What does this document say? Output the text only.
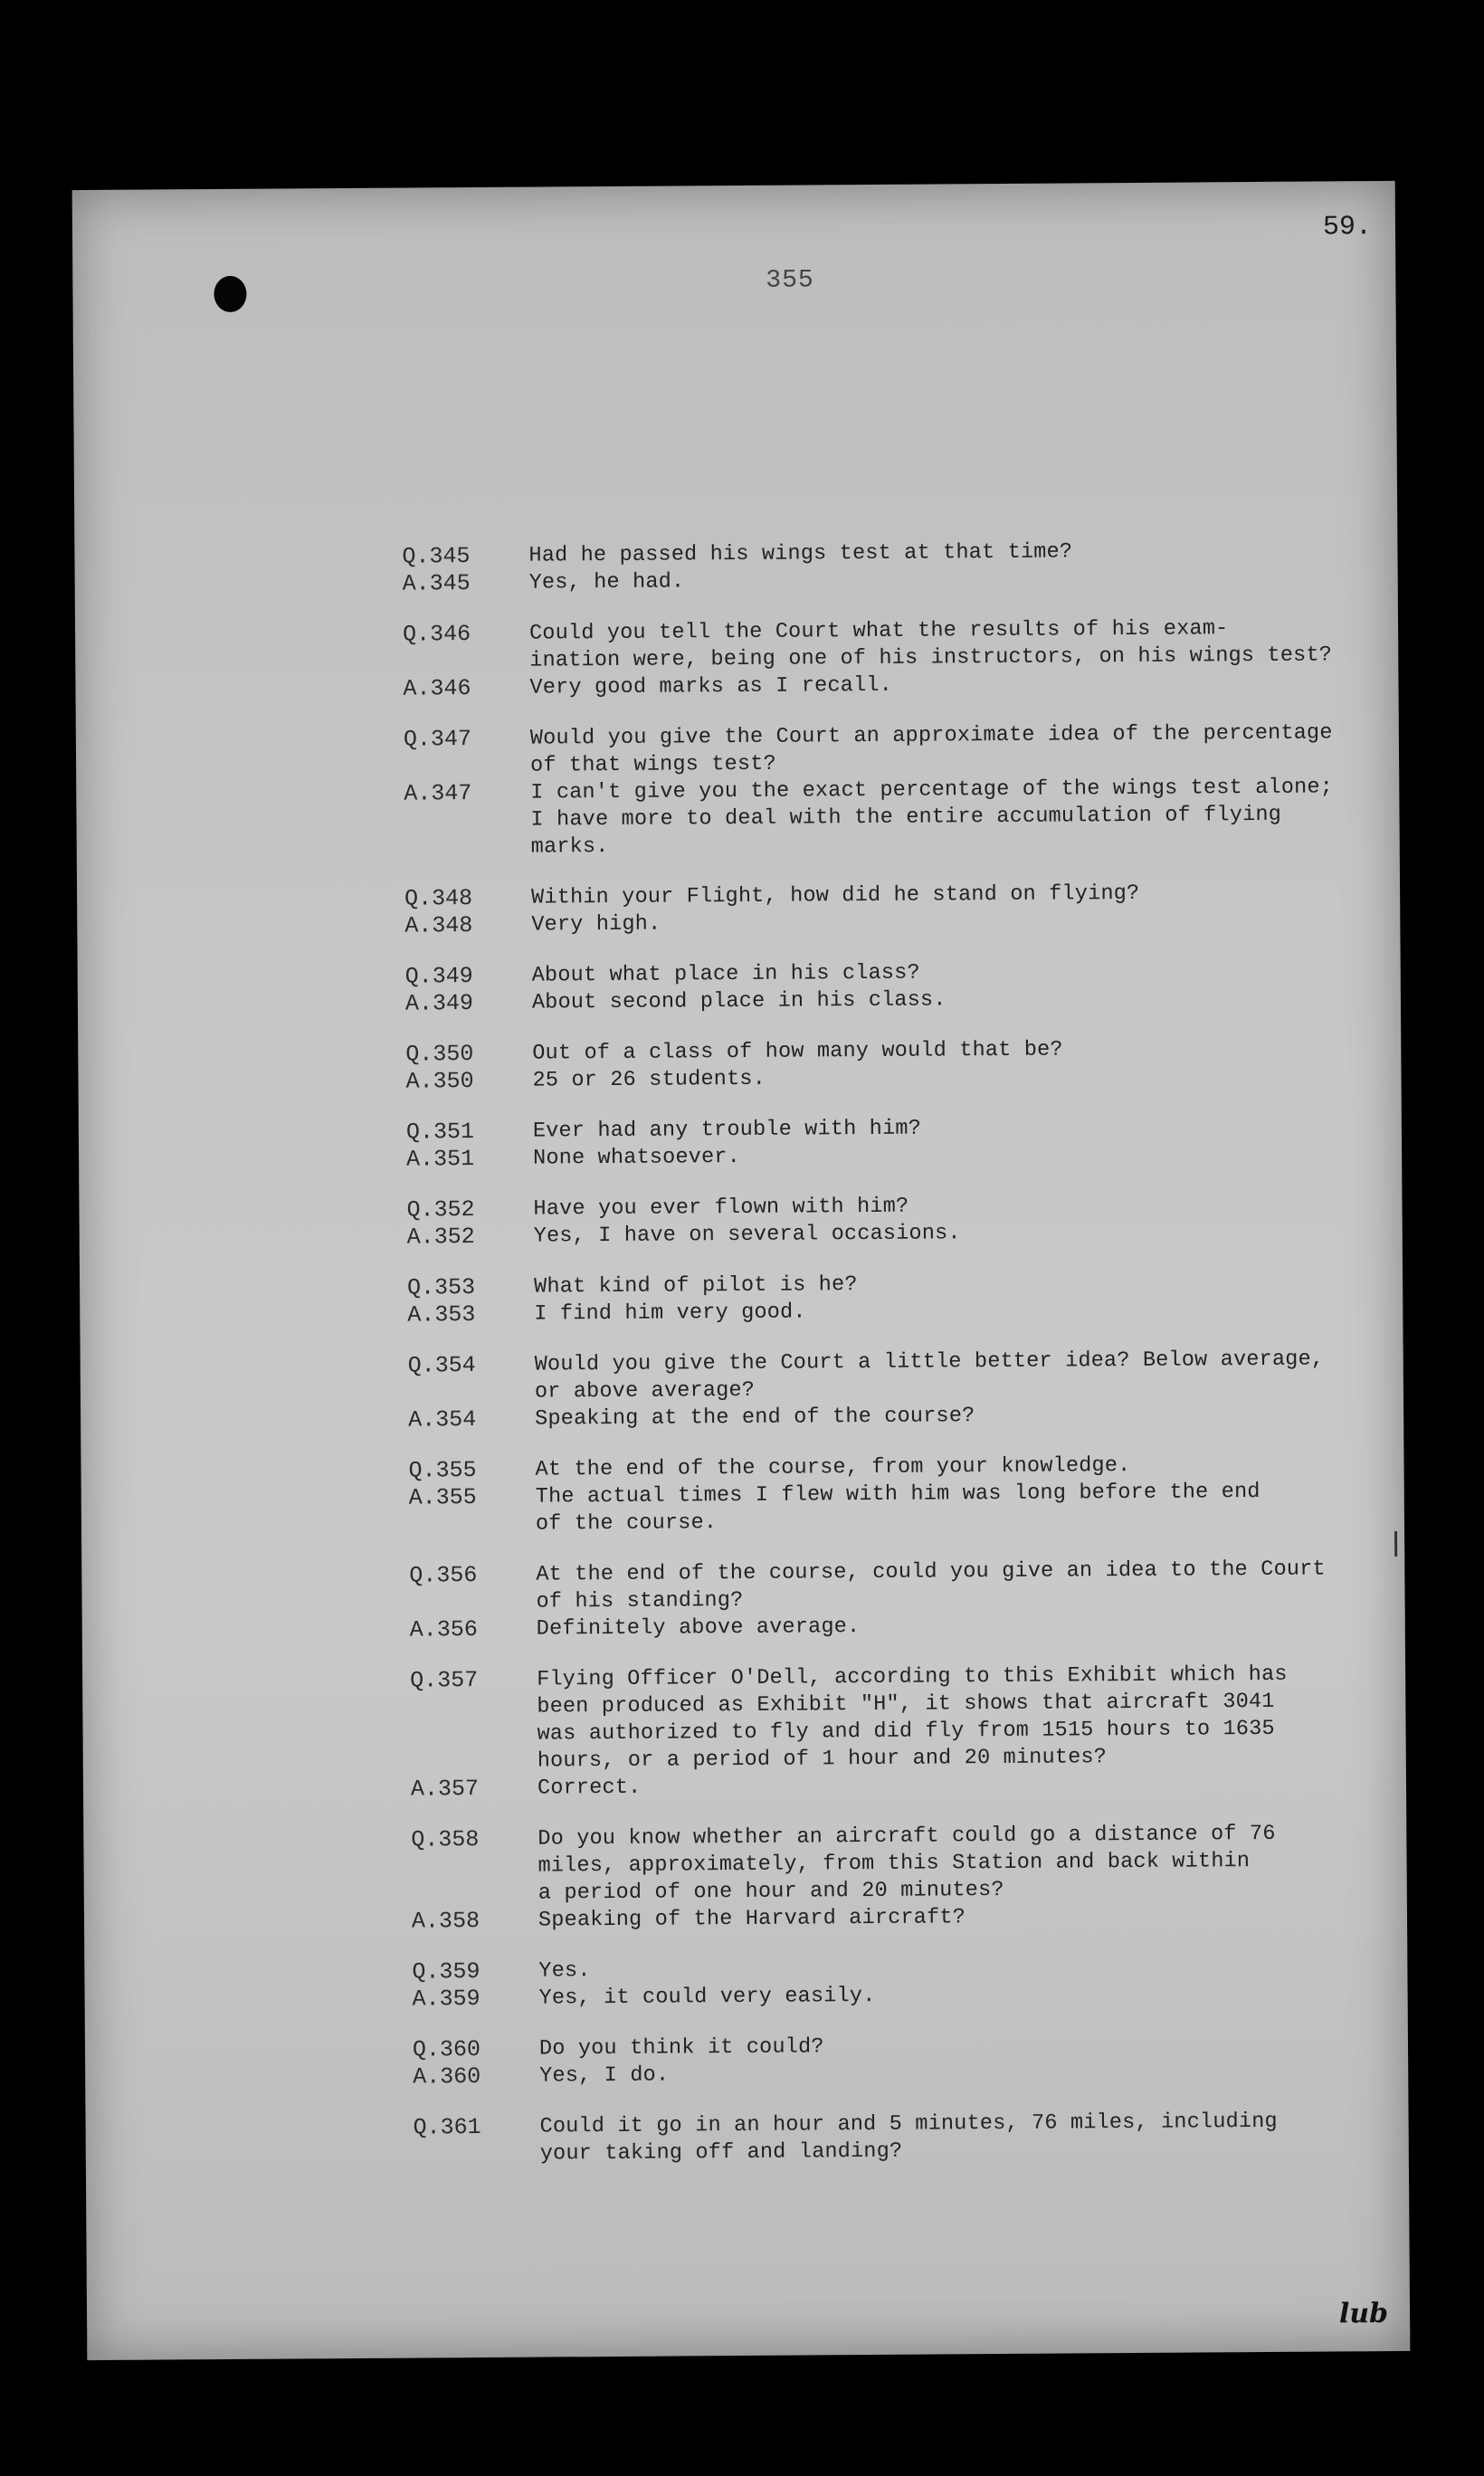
355
59.
Q.345	Had he passed his wings test at that time?
A.345	Yes, he had.
Q.346	Could you tell the Court what the results of his exam-
ination were, being one of his instructors, on his wings test?
A.346	Very good marks as I recall.
Q.347	Would you give the Court an approximate idea of the percentage
of that wings test?
A.347	I can't give you the exact percentage of the wings test alone;
I have more to deal with the entire accumulation of flying
marks.
Q.348	Within your Flight, how did he stand on flying?
A.348	Very high.
Q.349	About what place in his class?
A.349	About second place in his class.
Q.350	Out of a class of how many would that be?
A.350	25 or 26 students.
Q.351	Ever had any trouble with him?
A.351	None whatsoever.
Q.352	Have you ever flown with him?
A.352	Yes, I have on several occasions.
Q.353	What kind of pilot is he?
A.353	I find him very good.
Q.354	Would you give the Court a little better idea? Below average,
or above average?
A.354	Speaking at the end of the course?
Q.355	At the end of the course, from your knowledge.
A.355	The actual times I flew with him was long before the end
of the course.
Q.356	At the end of the course, could you give an idea to the Court
of his standing?
A.356	Definitely above average.
Q.357	Flying Officer O'Dell, according to this Exhibit which has
been produced as Exhibit "H", it shows that aircraft 3041
was authorized to fly and did fly from 1515 hours to 1635
hours, or a period of 1 hour and 20 minutes?
A.357	Correct.
Q.358	Do you know whether an aircraft could go a distance of 76
miles, approximately, from this Station and back within
a period of one hour and 20 minutes?
A.358	Speaking of the Harvard aircraft?
Q.359	Yes.
A.359	Yes, it could very easily.
Q.360	Do you think it could?
A.360	Yes, I do.
Q.361	Could it go in an hour and 5 minutes, 76 miles, including
your taking off and landing?
lub
